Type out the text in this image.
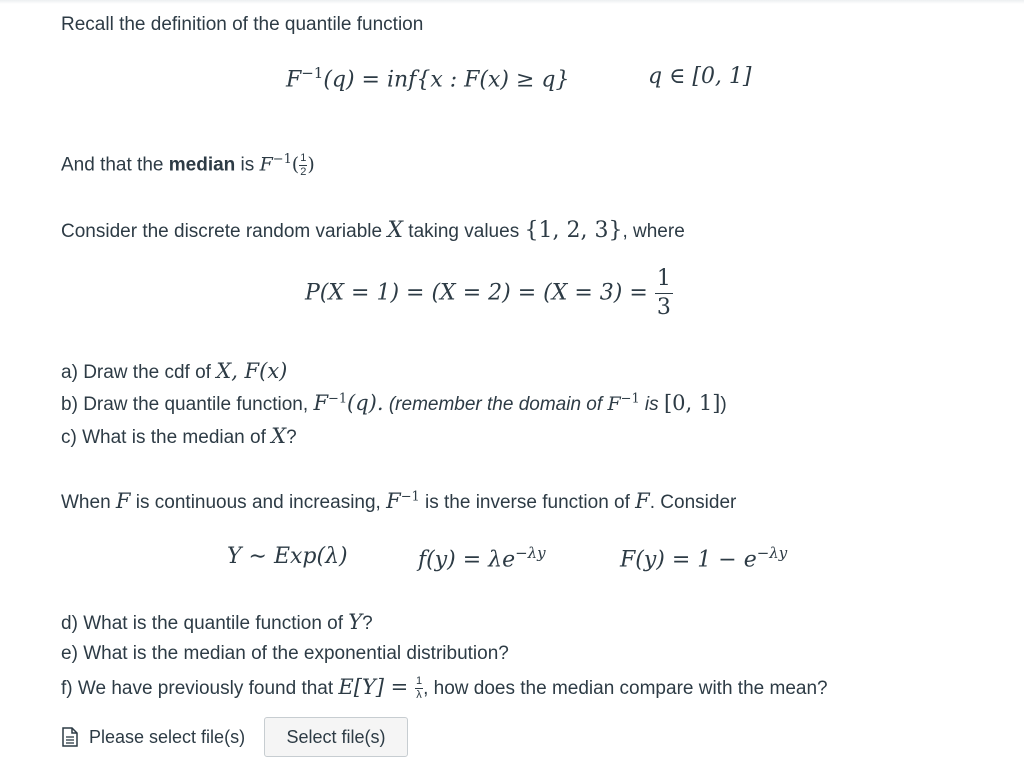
Recall the definition of the quantile function
$F^{-1}(q) = inf\{x$ : F(x) ≥ q}	q ∈ [0, 1]
And that the median is $F^{-1}( \frac{1}{2}$ )
Consider the discrete random variable X taking values {1, 2, 3}, where
$P(X = 1) = (X = 2) = (X = 3) = \frac{1}{3}$
a) Draw the cdf of X, F(x)
b) Draw the quantile function, $F^{-1}(q)$. (remember the domain of $F^{-1}$ is [0, 1])
c) What is the median of X?
When F is continuous and increasing, $F^{-1}$ is the inverse function of F. Consider
Y ∼ Exp(λ)	$f(y) = \lambda e^{-\lambda y}$	$F(y) = 1 - e^{-\lambda y}$
d) What is the quantile function of Y?
e) What is the median of the exponential distribution?
f) We have previously found that $E[Y] = \frac{1}{\lambda}$ , how does the median compare with the mean?
Please select file(s)	Select file(s)
